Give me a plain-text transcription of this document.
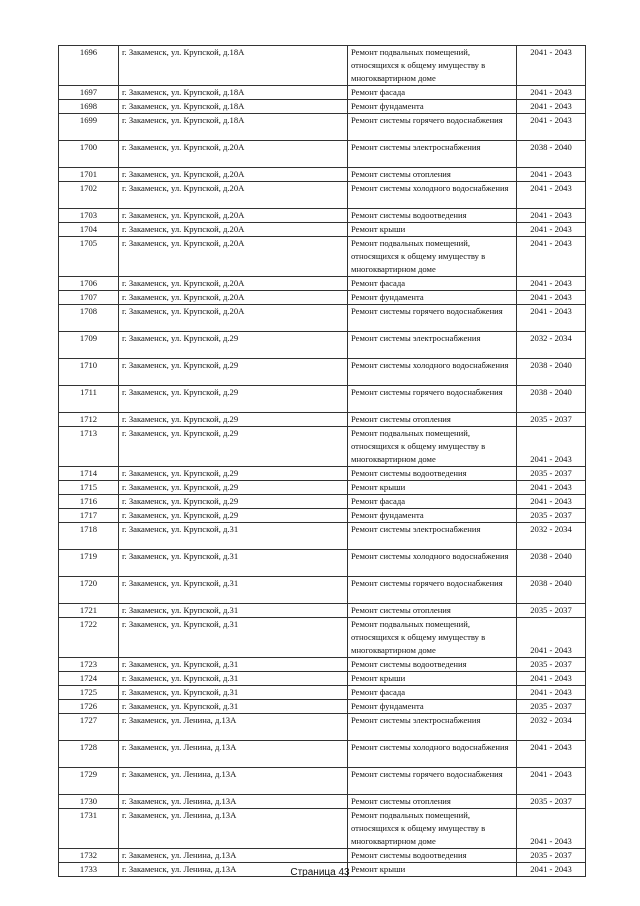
1696	г. Закаменск, ул. Крупской, д.18А	Ремонт подвальных помещений, относящихся к общему имуществу в многоквартирном доме	2041 - 2043
1697	г. Закаменск, ул. Крупской, д.18А	Ремонт фасада	2041 - 2043
1698	г. Закаменск, ул. Крупской, д.18А	Ремонт фундамента	2041 - 2043
1699	г. Закаменск, ул. Крупской, д.18А	Ремонт системы горячего водоснабжения	2041 - 2043
1700	г. Закаменск, ул. Крупской, д.20А	Ремонт системы электроснабжения	2038 - 2040
1701	г. Закаменск, ул. Крупской, д.20А	Ремонт системы отопления	2041 - 2043
1702	г. Закаменск, ул. Крупской, д.20А	Ремонт системы холодного водоснабжения	2041 - 2043
1703	г. Закаменск, ул. Крупской, д.20А	Ремонт системы водоотведения	2041 - 2043
1704	г. Закаменск, ул. Крупской, д.20А	Ремонт крыши	2041 - 2043
1705	г. Закаменск, ул. Крупской, д.20А	Ремонт подвальных помещений, относящихся к общему имуществу в многоквартирном доме	2041 - 2043
1706	г. Закаменск, ул. Крупской, д.20А	Ремонт фасада	2041 - 2043
1707	г. Закаменск, ул. Крупской, д.20А	Ремонт фундамента	2041 - 2043
1708	г. Закаменск, ул. Крупской, д.20А	Ремонт системы горячего водоснабжения	2041 - 2043
1709	г. Закаменск, ул. Крупской, д.29	Ремонт системы электроснабжения	2032 - 2034
1710	г. Закаменск, ул. Крупской, д.29	Ремонт системы холодного водоснабжения	2038 - 2040
1711	г. Закаменск, ул. Крупской, д.29	Ремонт системы горячего водоснабжения	2038 - 2040
1712	г. Закаменск, ул. Крупской, д.29	Ремонт системы отопления	2035 - 2037
1713	г. Закаменск, ул. Крупской, д.29	Ремонт подвальных помещений, относящихся к общему имуществу в многоквартирном доме	2041 - 2043
1714	г. Закаменск, ул. Крупской, д.29	Ремонт системы водоотведения	2035 - 2037
1715	г. Закаменск, ул. Крупской, д.29	Ремонт крыши	2041 - 2043
1716	г. Закаменск, ул. Крупской, д.29	Ремонт фасада	2041 - 2043
1717	г. Закаменск, ул. Крупской, д.29	Ремонт фундамента	2035 - 2037
1718	г. Закаменск, ул. Крупской, д.31	Ремонт системы электроснабжения	2032 - 2034
1719	г. Закаменск, ул. Крупской, д.31	Ремонт системы холодного водоснабжения	2038 - 2040
1720	г. Закаменск, ул. Крупской, д.31	Ремонт системы горячего водоснабжения	2038 - 2040
1721	г. Закаменск, ул. Крупской, д.31	Ремонт системы отопления	2035 - 2037
1722	г. Закаменск, ул. Крупской, д.31	Ремонт подвальных помещений, относящихся к общему имуществу в многоквартирном доме	2041 - 2043
1723	г. Закаменск, ул. Крупской, д.31	Ремонт системы водоотведения	2035 - 2037
1724	г. Закаменск, ул. Крупской, д.31	Ремонт крыши	2041 - 2043
1725	г. Закаменск, ул. Крупской, д.31	Ремонт фасада	2041 - 2043
1726	г. Закаменск, ул. Крупской, д.31	Ремонт фундамента	2035 - 2037
1727	г. Закаменск, ул. Ленина, д.13А	Ремонт системы электроснабжения	2032 - 2034
1728	г. Закаменск, ул. Ленина, д.13А	Ремонт системы холодного водоснабжения	2041 - 2043
1729	г. Закаменск, ул. Ленина, д.13А	Ремонт системы горячего водоснабжения	2041 - 2043
1730	г. Закаменск, ул. Ленина, д.13А	Ремонт системы отопления	2035 - 2037
1731	г. Закаменск, ул. Ленина, д.13А	Ремонт подвальных помещений, относящихся к общему имуществу в многоквартирном доме	2041 - 2043
1732	г. Закаменск, ул. Ленина, д.13А	Ремонт системы водоотведения	2035 - 2037
1733	г. Закаменск, ул. Ленина, д.13А	Ремонт крыши	2041 - 2043
Страница 43
